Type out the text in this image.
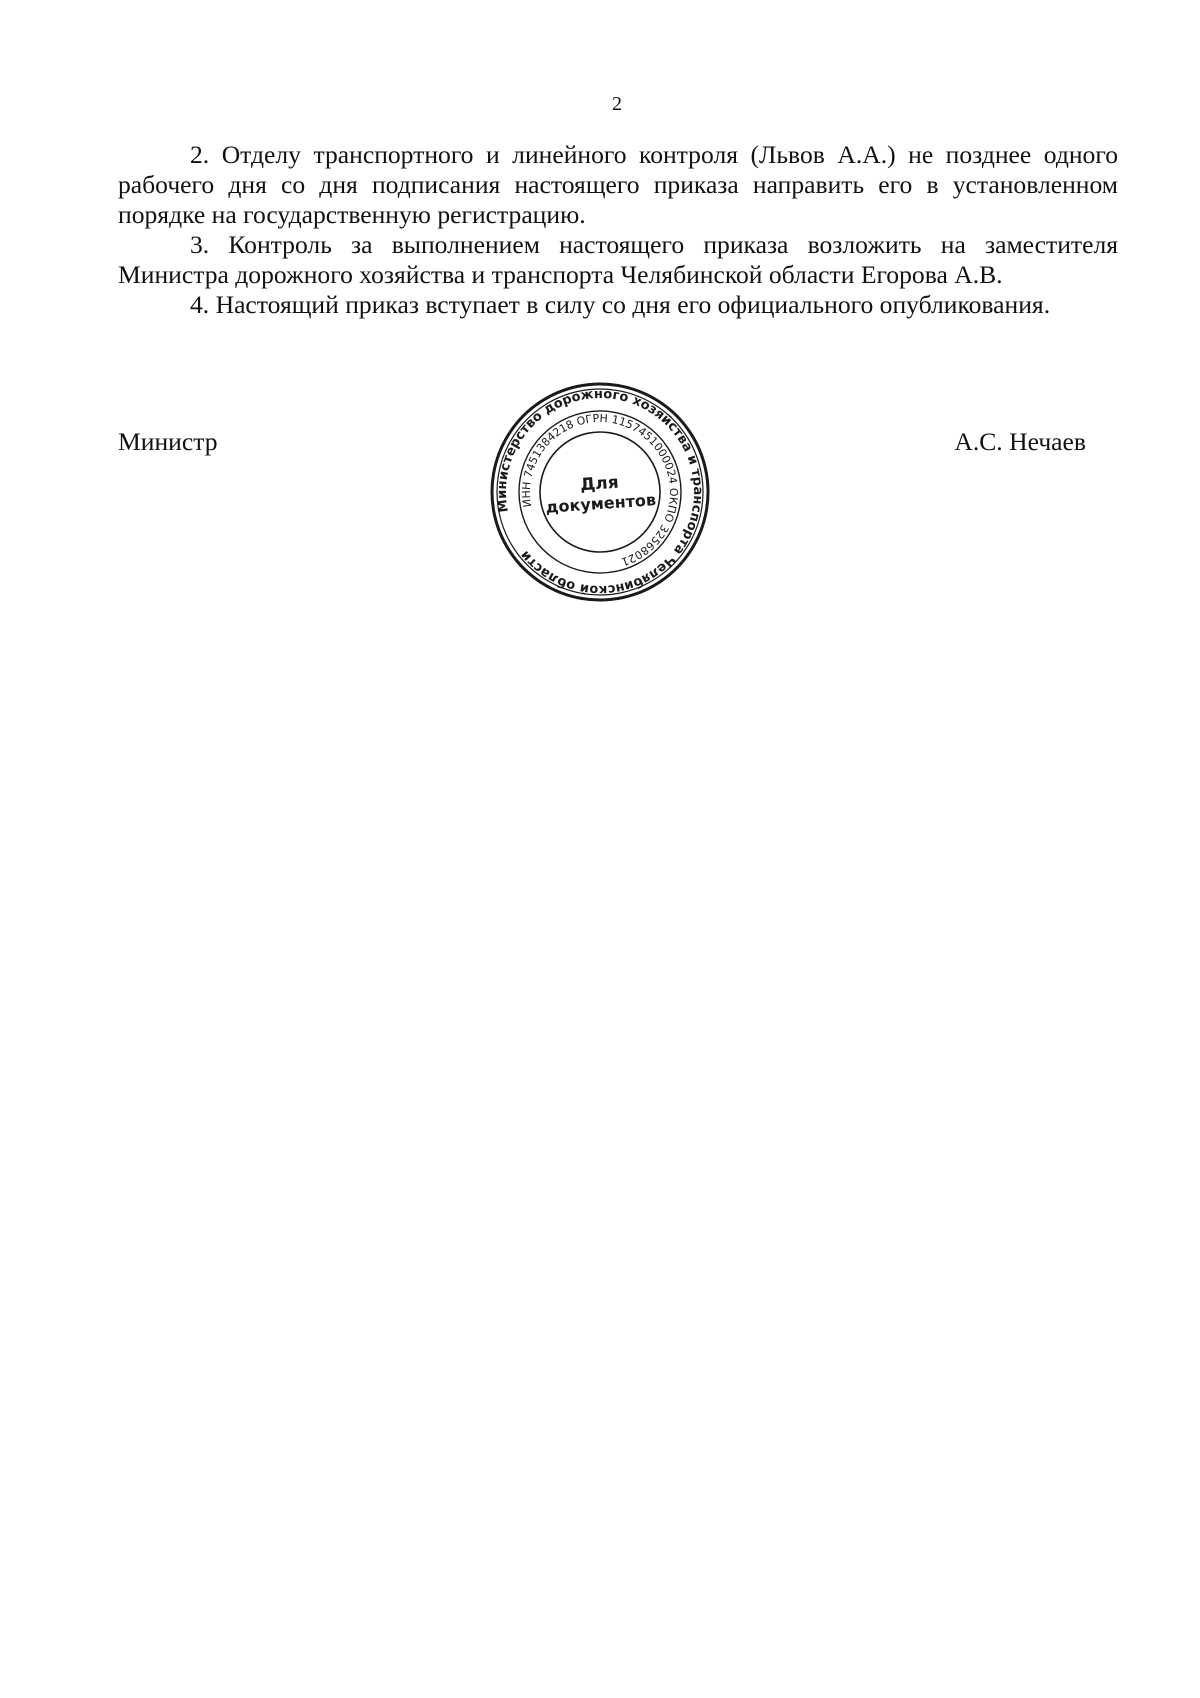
2

2. Отделу транспортного и линейного контроля (Львов А.А.) не позднее одного рабочего дня со дня подписания настоящего приказа направить его в установленном порядке на государственную регистрацию.

3. Контроль за выполнением настоящего приказа возложить на заместителя Министра дорожного хозяйства и транспорта Челябинской области Егорова А.В.

4. Настоящий приказ вступает в силу со дня его официального опубликования.

Министр	А.С. Нечаев
Министерство дорожного хозяйства и транспорта Челябинской области
ИНН 7451384218 ОГРН 1157451000024 ОКПО 32568021
Для
документов
